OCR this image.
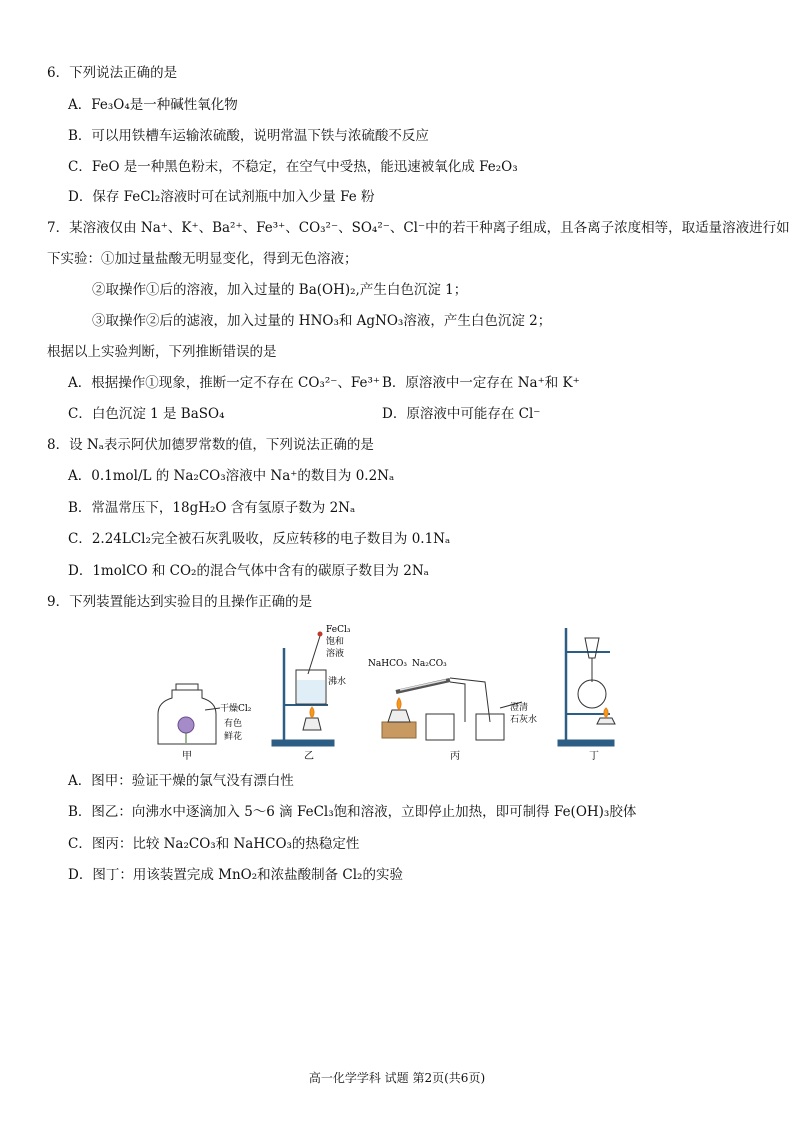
6．下列说法正确的是
A．Fe₃O₄是一种碱性氧化物
B．可以用铁槽车运输浓硫酸，说明常温下铁与浓硫酸不反应
C．FeO 是一种黑色粉末，不稳定，在空气中受热，能迅速被氧化成 Fe₂O₃
D．保存 FeCl₂溶液时可在试剂瓶中加入少量 Fe 粉
7．某溶液仅由 Na⁺、K⁺、Ba²⁺、Fe³⁺、CO₃²⁻、SO₄²⁻、Cl⁻中的若干种离子组成，且各离子浓度相等，取适量溶液进行如
下实验：①加过量盐酸无明显变化，得到无色溶液；
②取操作①后的溶液，加入过量的 Ba(OH)₂,产生白色沉淀 1；
③取操作②后的滤液，加入过量的 HNO₃和 AgNO₃溶液，产生白色沉淀 2；
根据以上实验判断，下列推断错误的是
A．根据操作①现象，推断一定不存在 CO₃²⁻、Fe³⁺ B．原溶液中一定存在 Na⁺和 K⁺
C．白色沉淀 1 是 BaSO₄	D．原溶液中可能存在 Cl⁻
8．设 Nₐ表示阿伏加德罗常数的值，下列说法正确的是
A．0.1mol/L 的 Na₂CO₃溶液中 Na⁺的数目为 0.2Nₐ
B．常温常压下，18gH₂O 含有氢原子数为 2Nₐ
C．2.24LCl₂完全被石灰乳吸收，反应转移的电子数目为 0.1Nₐ
D．1molCO 和 CO₂的混合气体中含有的碳原子数目为 2Nₐ
9．下列装置能达到实验目的且操作正确的是
干燥Cl₂
有色
鲜花
甲
FeCl₃
饱和
溶液
沸水
乙
NaHCO₃ Na₂CO₃
澄清
石灰水
丙	丁
A．图甲：验证干燥的氯气没有漂白性
B．图乙：向沸水中逐滴加入 5～6 滴 FeCl₃饱和溶液，立即停止加热，即可制得 Fe(OH)₃胶体
C．图丙：比较 Na₂CO₃和 NaHCO₃的热稳定性
D．图丁：用该装置完成 MnO₂和浓盐酸制备 Cl₂的实验
高一化学学科 试题 第2页(共6页)
